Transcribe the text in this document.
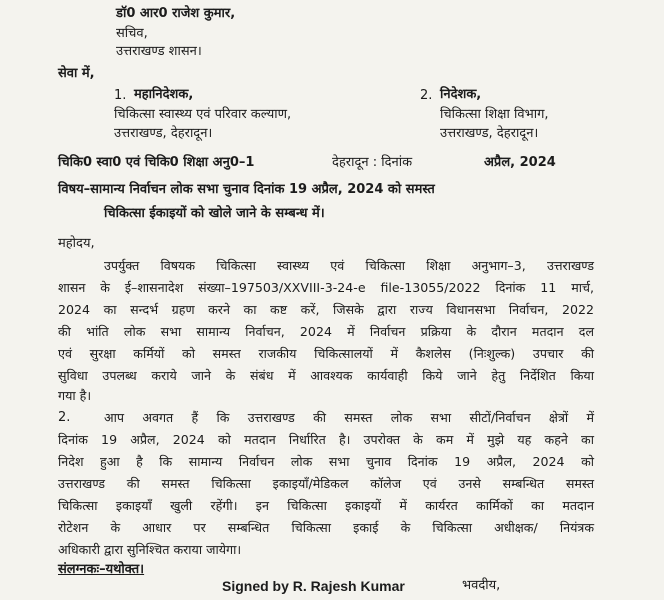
डॉ0 आर0 राजेश कुमार,
सचिव,
उत्तराखण्ड शासन।
सेवा में,
1. महानिदेशक,
चिकित्सा स्वास्थ्य एवं परिवार कल्याण,
उत्तराखण्ड, देहरादून।
2. निदेशक,
चिकित्सा शिक्षा विभाग,
उत्तराखण्ड, देहरादून।
चिकि0 स्वा0 एवं चिकि0 शिक्षा अनु0–1	देहरादून : दिनांक	अप्रैल, 2024
विषय–सामान्य निर्वाचन लोक सभा चुनाव दिनांक 19 अप्रैल, 2024 को समस्त
चिकित्सा ईकाइयों को खोले जाने के सम्बन्ध में।
महोदय,
उपर्युक्त विषयक चिकित्सा स्वास्थ्य एवं चिकित्सा शिक्षा अनुभाग–3, उत्तराखण्ड
शासन के ई–शासनादेश संख्या–197503/XXVIII-3-24-e file-13055/2022 दिनांक 11 मार्च,
2024 का सन्दर्भ ग्रहण करने का कष्ट करें, जिसके द्वारा राज्य विधानसभा निर्वाचन, 2022
की भांति लोक सभा सामान्य निर्वाचन, 2024 में निर्वाचन प्रक्रिया के दौरान मतदान दल
एवं सुरक्षा कर्मियों को समस्त राजकीय चिकित्सालयों में कैशलेस (निःशुल्क) उपचार की
सुविधा उपलब्ध कराये जाने के संबंध में आवश्यक कार्यवाही किये जाने हेतु निर्देशित किया
गया है।
2.	आप अवगत हैं कि उत्तराखण्ड की समस्त लोक सभा सीटों/निर्वाचन क्षेत्रों में
दिनांक 19 अप्रैल, 2024 को मतदान निर्धारित है। उपरोक्त के कम में मुझे यह कहने का
निदेश हुआ है कि सामान्य निर्वाचन लोक सभा चुनाव दिनांक 19 अप्रैल, 2024 को
उत्तराखण्ड की समस्त चिकित्सा इकाइयाँ/मेडिकल कॉलेज एवं उनसे सम्बन्धित समस्त
चिकित्सा इकाइयाँ खुली रहेंगी। इन चिकित्सा इकाइयों में कार्यरत कार्मिकों का मतदान
रोटेशन के आधार पर सम्बन्धित चिकित्सा इकाई के चिकित्सा अधीक्षक/ नियंत्रक
अधिकारी द्वारा सुनिश्चित कराया जायेगा।
संलग्नकः–यथोक्त।
Signed by R. Rajesh Kumar	भवदीय,
